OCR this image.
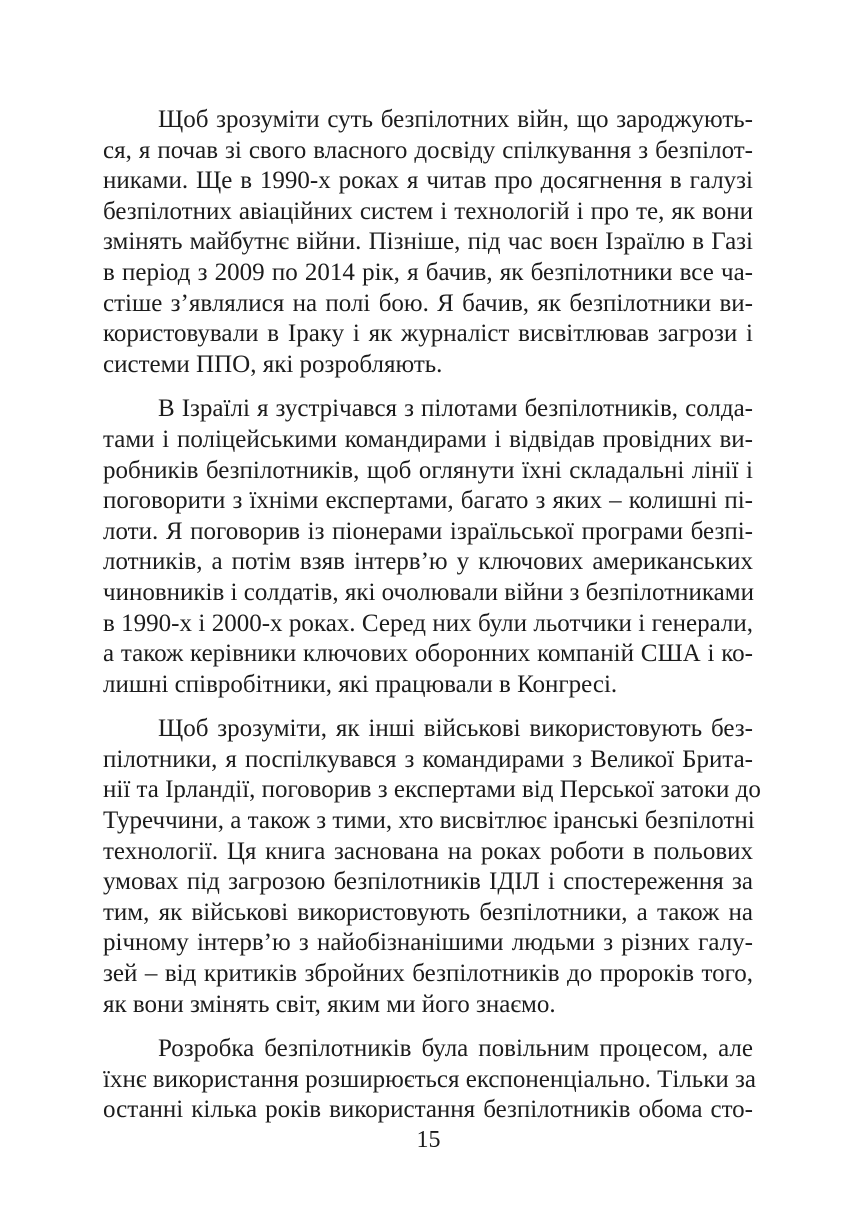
Щоб зрозуміти суть безпілотних війн, що зароджують-
ся, я почав зі свого власного досвіду спілкування з безпілот-
никами. Ще в 1990-х роках я читав про досягнення в галузі
безпілотних авіаційних систем і технологій і про те, як вони
змінять майбутнє війни. Пізніше, під час воєн Ізраїлю в Газі
в період з 2009 по 2014 рік, я бачив, як безпілотники все ча-
стіше з’являлися на полі бою. Я бачив, як безпілотники ви-
користовували в Іраку і як журналіст висвітлював загрози і
системи ППО, які розробляють.

В Ізраїлі я зустрічався з пілотами безпілотників, солда-
тами і поліцейськими командирами і відвідав провідних ви-
робників безпілотників, щоб оглянути їхні складальні лінії і
поговорити з їхніми експертами, багато з яких – колишні пі-
лоти. Я поговорив із піонерами ізраїльської програми безпі-
лотників, а потім взяв інтерв’ю у ключових американських
чиновників і солдатів, які очолювали війни з безпілотниками
в 1990-х і 2000-х роках. Серед них були льотчики і генерали,
а також керівники ключових оборонних компаній США і ко-
лишні співробітники, які працювали в Конгресі.

Щоб зрозуміти, як інші військові використовують без-
пілотники, я поспілкувався з командирами з Великої Брита-
нії та Ірландії, поговорив з експертами від Перської затоки до
Туреччини, а також з тими, хто висвітлює іранські безпілотні
технології. Ця книга заснована на роках роботи в польових
умовах під загрозою безпілотників ІДІЛ і спостереження за
тим, як військові використовують безпілотники, а також на
річному інтерв’ю з найобізнанішими людьми з різних галу-
зей – від критиків збройних безпілотників до пророків того,
як вони змінять світ, яким ми його знаємо.

Розробка безпілотників була повільним процесом, але
їхнє використання розширюється експоненціально. Тільки за
останні кілька років використання безпілотників обома сто-

15
